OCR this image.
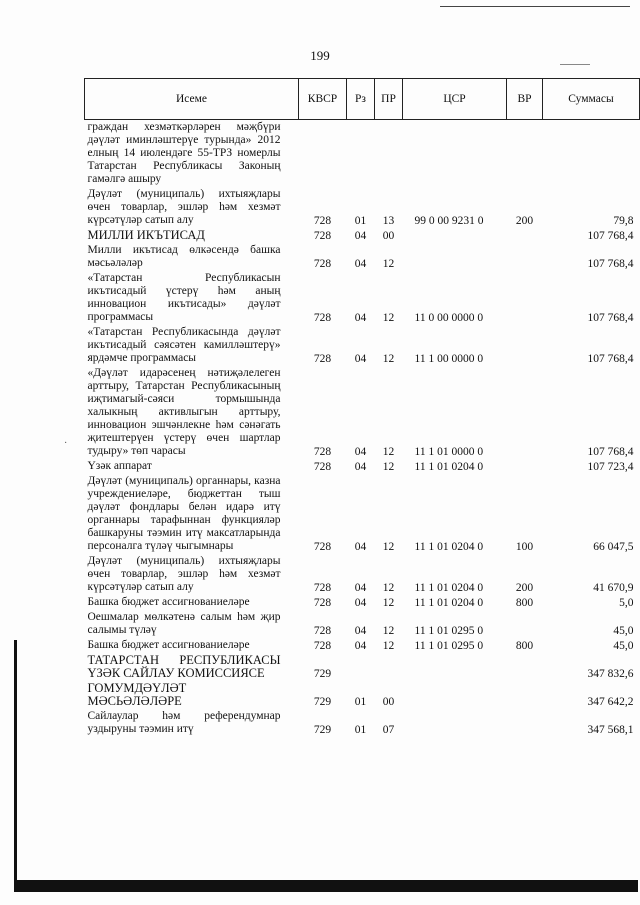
199
·
Исеме	КВСР	Рз	ПР	ЦСР	ВР	Суммасы
граждан хезмәткәрләрен мәҗбүри дәүләт иминләштерүе турында» 2012 елның 14 июлендәге 55-ТРЗ номерлы Татарстан Республикасы Законың гамәлгә ашыру						
Дәүләт (муниципаль) ихтыяҗлары өчен товарлар, эшләр һәм хезмәт күрсәтүләр сатып алу	728	01	13	99 0 00 9231 0	200	79,8
МИЛЛИ ИКЪТИСАД	728	04	00			107 768,4
Милли икътисад өлкәсендә башка мәсьәләләр	728	04	12			107 768,4
«Татарстан Республикасын икътисадый үстерү һәм аның инновацион икътисады» дәүләт программасы	728	04	12	11 0 00 0000 0		107 768,4
«Татарстан Республикасында дәүләт икътисадый сәясәтен камилләштерү» ярдәмче программасы	728	04	12	11 1 00 0000 0		107 768,4
«Дәүләт идарәсенең нәтиҗәлелеген арттыру, Татарстан Республикасының иҗтимагый-сәяси тормышында халыкның активлыгын арттыру, инновацион эшчәнлекне һәм сәнәгать җитештерүен үстерү өчен шартлар тудыру» төп чарасы	728	04	12	11 1 01 0000 0		107 768,4
Үзәк аппарат	728	04	12	11 1 01 0204 0		107 723,4
Дәүләт (муниципаль) органнары, казна учреждениеләре, бюджеттан тыш дәүләт фондлары белән идарә итү органнары тарафыннан функцияләр башкаруны тәэмин итү максатларында персоналга түләү чыгымнары	728	04	12	11 1 01 0204 0	100	66 047,5
Дәүләт (муниципаль) ихтыяҗлары өчен товарлар, эшләр һәм хезмәт күрсәтүләр сатып алу	728	04	12	11 1 01 0204 0	200	41 670,9
Башка бюджет ассигнованиеләре	728	04	12	11 1 01 0204 0	800	5,0
Оешмалар мөлкәтенә салым һәм җир салымы түләү	728	04	12	11 1 01 0295 0		45,0
Башка бюджет ассигнованиеләре	728	04	12	11 1 01 0295 0	800	45,0
ТАТАРСТАН РЕСПУБЛИКАСЫ ҮЗӘК САЙЛАУ КОМИССИЯСЕ	729					347 832,6
ГОМУМДӘҮЛӘТ МӘСЬӘЛӘЛӘРЕ	729	01	00			347 642,2
Сайлаулар һәм референдумнар уздыруны тәэмин итү	729	01	07			347 568,1
